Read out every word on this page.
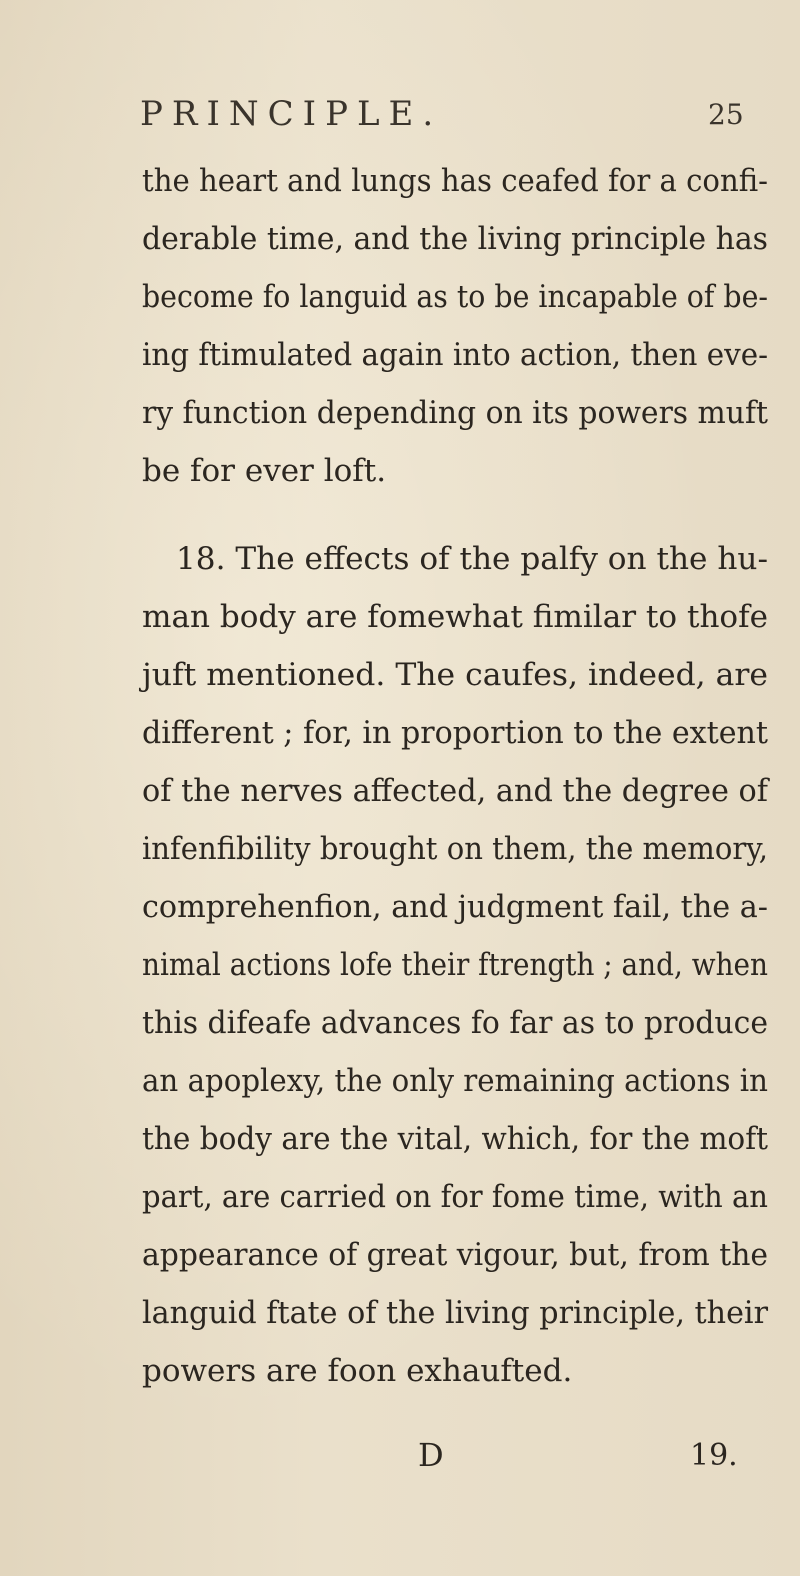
PRINCIPLE.	25
the heart and lungs has ceafed for a confi-
derable time, and the living principle has
become fo languid as to be incapable of be-
ing ftimulated again into action, then eve-
ry function depending on its powers muft
be for ever loft.
18. The effects of the palfy on the hu-
man body are fomewhat fimilar to thofe
juft mentioned. The caufes, indeed, are
different ; for, in proportion to the extent
of the nerves affected, and the degree of
infenfibility brought on them, the memory,
comprehenfion, and judgment fail, the a-
nimal actions lofe their ftrength ; and, when
this difeafe advances fo far as to produce
an apoplexy, the only remaining actions in
the body are the vital, which, for the moft
part, are carried on for fome time, with an
appearance of great vigour, but, from the
languid ftate of the living principle, their
powers are foon exhaufted.
D	19.
